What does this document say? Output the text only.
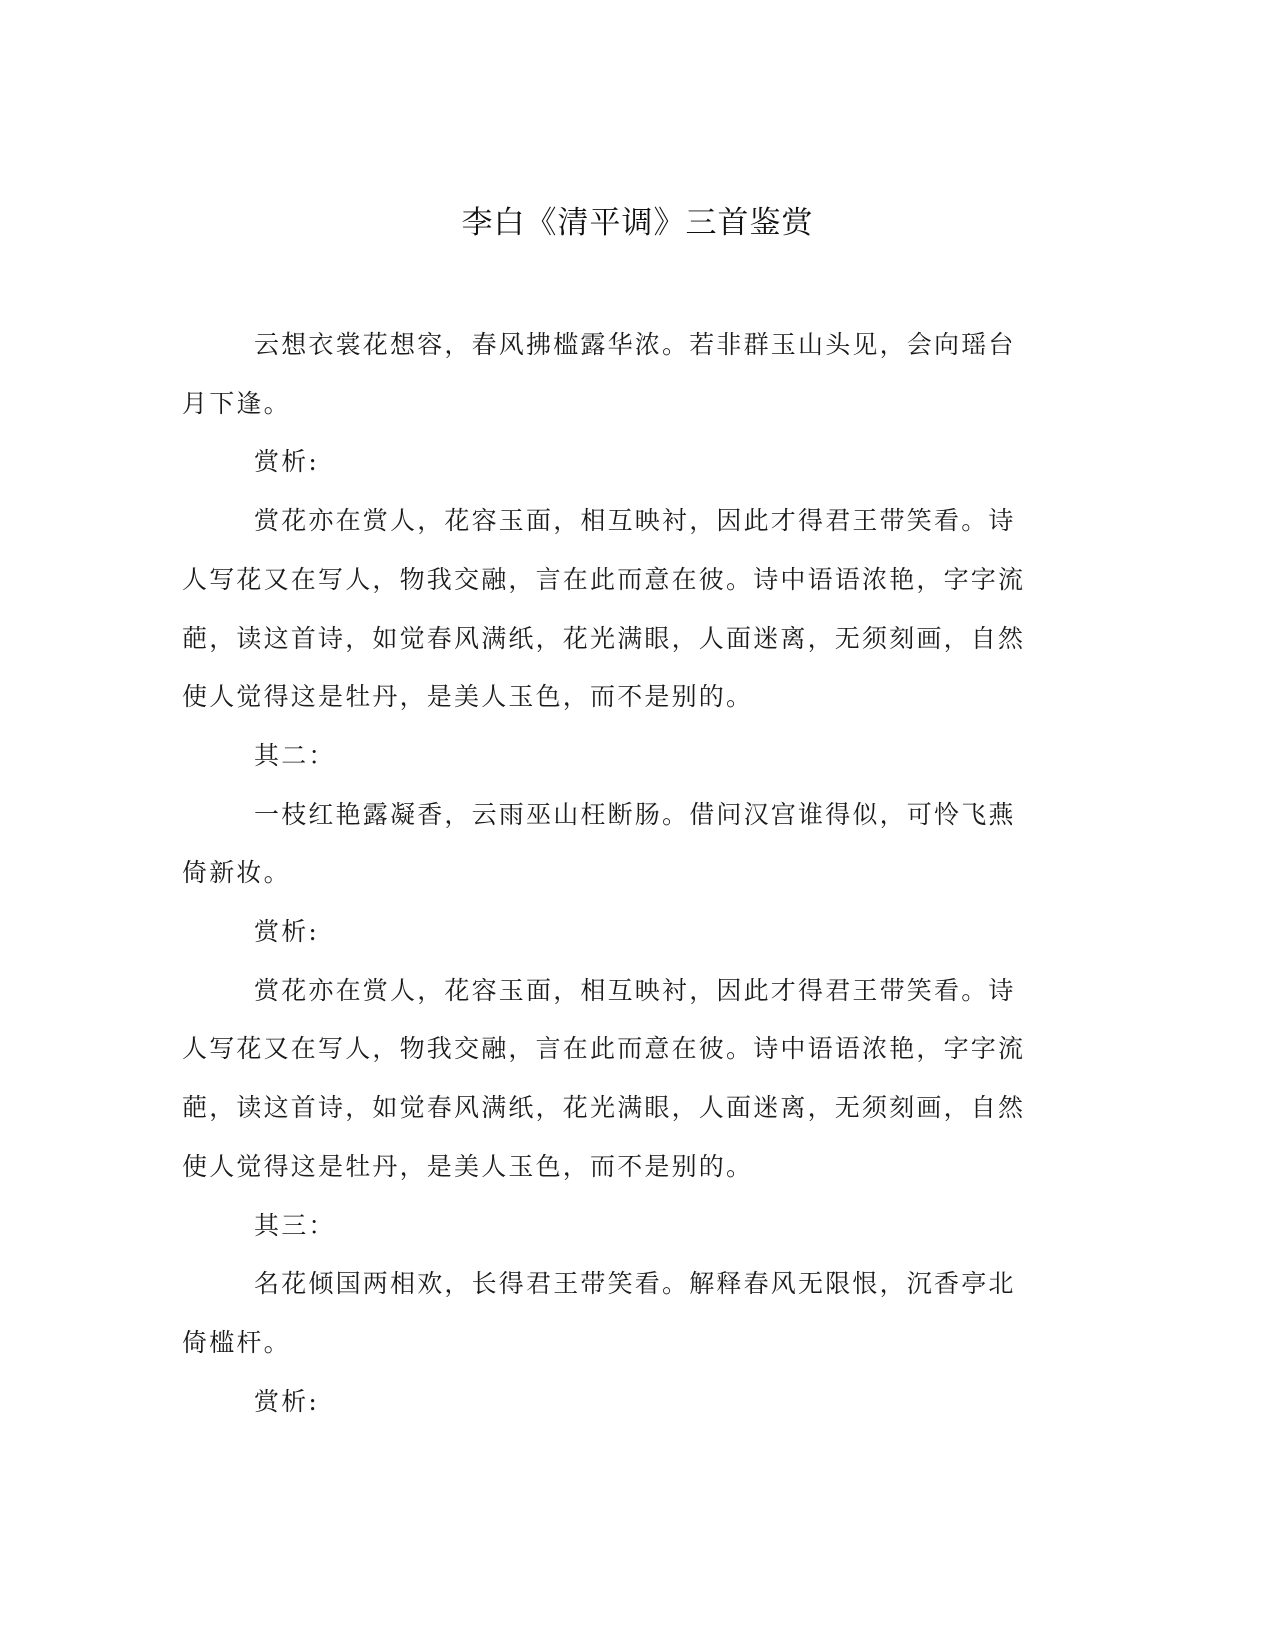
李白《清平调》三首鉴赏

云想衣裳花想容，春风拂槛露华浓。若非群玉山头见，会向瑶台月下逢。

赏析:

赏花亦在赏人，花容玉面，相互映衬，因此才得君王带笑看。诗人写花又在写人，物我交融，言在此而意在彼。诗中语语浓艳，字字流葩，读这首诗，如觉春风满纸，花光满眼，人面迷离，无须刻画，自然使人觉得这是牡丹，是美人玉色，而不是别的。

其二：

一枝红艳露凝香，云雨巫山枉断肠。借问汉宫谁得似，可怜飞燕倚新妆。

赏析:

赏花亦在赏人，花容玉面，相互映衬，因此才得君王带笑看。诗人写花又在写人，物我交融，言在此而意在彼。诗中语语浓艳，字字流葩，读这首诗，如觉春风满纸，花光满眼，人面迷离，无须刻画，自然使人觉得这是牡丹，是美人玉色，而不是别的。

其三：

名花倾国两相欢，长得君王带笑看。解释春风无限恨，沉香亭北倚槛杆。

赏析:
